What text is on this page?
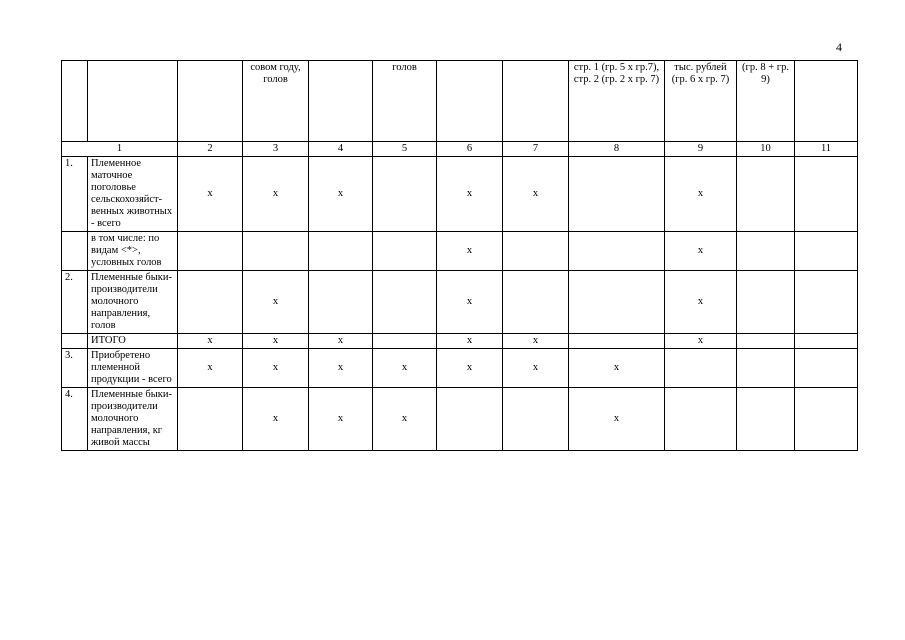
4
			совом году, голов		голов			стр. 1 (гр. 5 x гр.7), стр. 2 (гр. 2 x гр. 7)	тыс. рублей (гр. 6 x гр. 7)	(гр. 8 + гр. 9)	
1		2	3	4	5	6	7	8	9	10	11
1.	Племенное маточное поголовье сельскохозяйст-венных животных - всего	x	x	x		x	x		x		
	в том числе: по видам <*>, условных голов					x			x		
2.	Племенные быки-производители молочного направления, голов		x			x			x		
	ИТОГО	x	x	x		x	x		x		
3.	Приобретено племенной продукции - всего	x	x	x	x	x	x	x			
4.	Племенные быки-производители молочного направления, кг живой массы		x	x	x			x			
